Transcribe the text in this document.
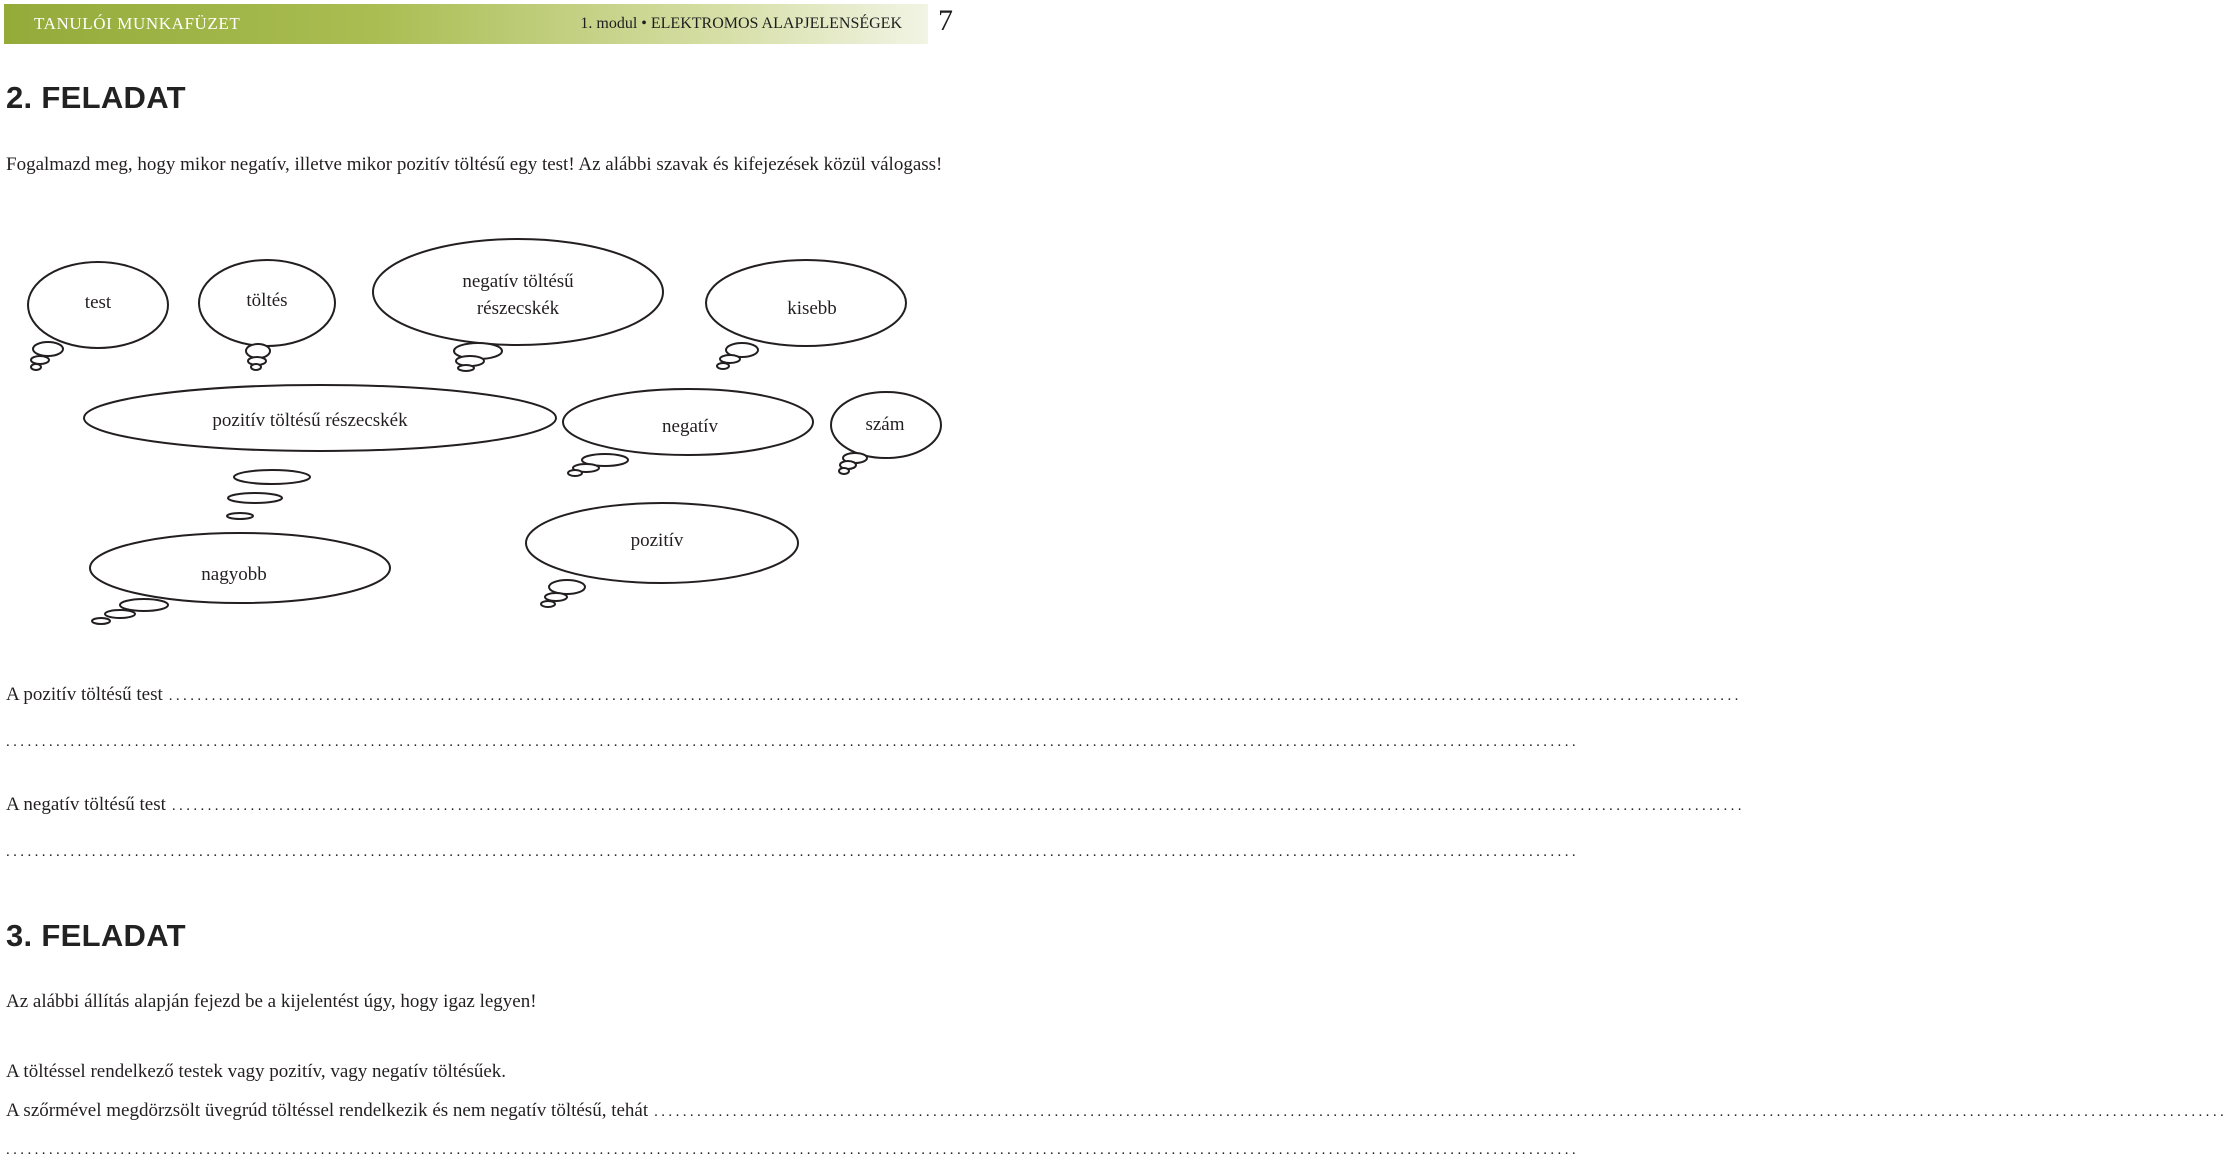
TANULÓI MUNKAFÜZET	1. modul • ELEKTROMOS ALAPJELENSÉGEK 7
2. FELADAT
Fogalmazd meg, hogy mikor negatív, illetve mikor pozitív töltésű egy test! Az alábbi szavak és kifejezések közül válogass!
test	töltés
negatív töltésű
részecskék	kisebb
pozitív töltésű részecskék	negatív	szám
nagyobb
pozitív
A pozitív töltésű test ............................................................................................................................................................................................................................
............................................................................................................................................................................................................................
A negatív töltésű test ............................................................................................................................................................................................................................
............................................................................................................................................................................................................................
3. FELADAT
Az alábbi állítás alapján fejezd be a kijelentést úgy, hogy igaz legyen!
A töltéssel rendelkező testek vagy pozitív, vagy negatív töltésűek.
A szőrmével megdörzsölt üvegrúd töltéssel rendelkezik és nem negatív töltésű, tehát ............................................................................................................................................................................................................................
............................................................................................................................................................................................................................
